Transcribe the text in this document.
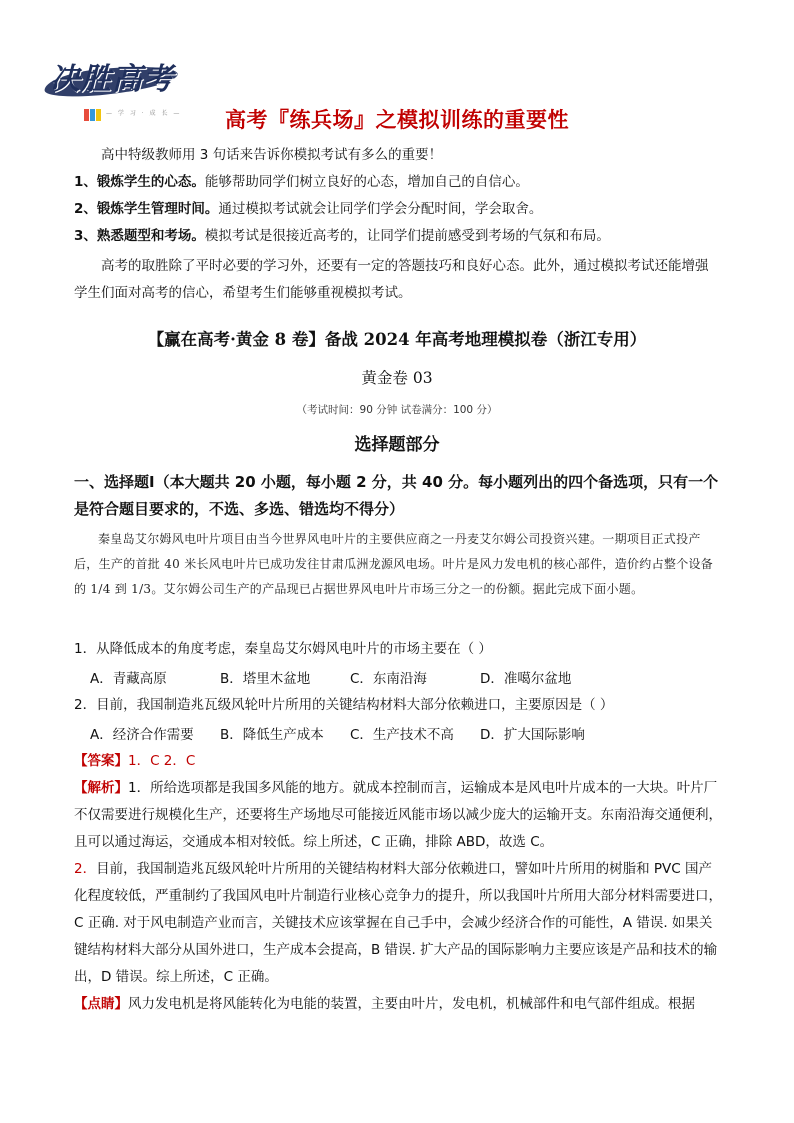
决胜高考
— 学 习 · 成 长 —	高考『练兵场』之模拟训练的重要性

高中特级教师用 3 句话来告诉你模拟考试有多么的重要！

1、锻炼学生的心态。能够帮助同学们树立良好的心态，增加自己的自信心。

2、锻炼学生管理时间。通过模拟考试就会让同学们学会分配时间，学会取舍。

3、熟悉题型和考场。模拟考试是很接近高考的，让同学们提前感受到考场的气氛和布局。

高考的取胜除了平时必要的学习外，还要有一定的答题技巧和良好心态。此外，通过模拟考试还能增强学生们面对高考的信心，希望考生们能够重视模拟考试。

【赢在高考·黄金 8 卷】备战 2024 年高考地理模拟卷（浙江专用）
黄金卷 03
（考试时间：90 分钟 试卷满分：100 分）
选择题部分
一、选择题Ⅰ（本大题共 20 小题，每小题 2 分，共 40 分。每小题列出的四个备选项，只有一个是符合题目要求的，不选、多选、错选均不得分）
秦皇岛艾尔姆风电叶片项目由当今世界风电叶片的主要供应商之一丹麦艾尔姆公司投资兴建。一期项目正式投产后，生产的首批 40 米长风电叶片已成功发往甘肃瓜洲龙源风电场。叶片是风力发电机的核心部件，造价约占整个设备的 1/4 到 1/3。艾尔姆公司生产的产品现已占据世界风电叶片市场三分之一的份额。据此完成下面小题。
1．从降低成本的角度考虑，秦皇岛艾尔姆风电叶片的市场主要在（ ）
A．青藏高原	B．塔里木盆地	C．东南沿海	D．准噶尔盆地
2．目前，我国制造兆瓦级风轮叶片所用的关键结构材料大部分依赖进口，主要原因是（ ）
A．经济合作需要	B．降低生产成本	C．生产技术不高	D．扩大国际影响
【答案】1．C 2．C
【解析】1．所给选项都是我国多风能的地方。就成本控制而言，运输成本是风电叶片成本的一大块。叶片厂不仅需要进行规模化生产，还要将生产场地尽可能接近风能市场以减少庞大的运输开支。东南沿海交通便利，且可以通过海运，交通成本相对较低。综上所述，C 正确，排除 ABD，故选 C。
2．目前，我国制造兆瓦级风轮叶片所用的关键结构材料大部分依赖进口，譬如叶片所用的树脂和 PVC 国产化程度较低，严重制约了我国风电叶片制造行业核心竞争力的提升，所以我国叶片所用大部分材料需要进口，C 正确. 对于风电制造产业而言，关键技术应该掌握在自己手中，会减少经济合作的可能性，A 错误. 如果关键结构材料大部分从国外进口，生产成本会提高，B 错误. 扩大产品的国际影响力主要应该是产品和技术的输出，D 错误。综上所述，C 正确。
【点睛】风力发电机是将风能转化为电能的装置，主要由叶片，发电机，机械部件和电气部件组成。根据
